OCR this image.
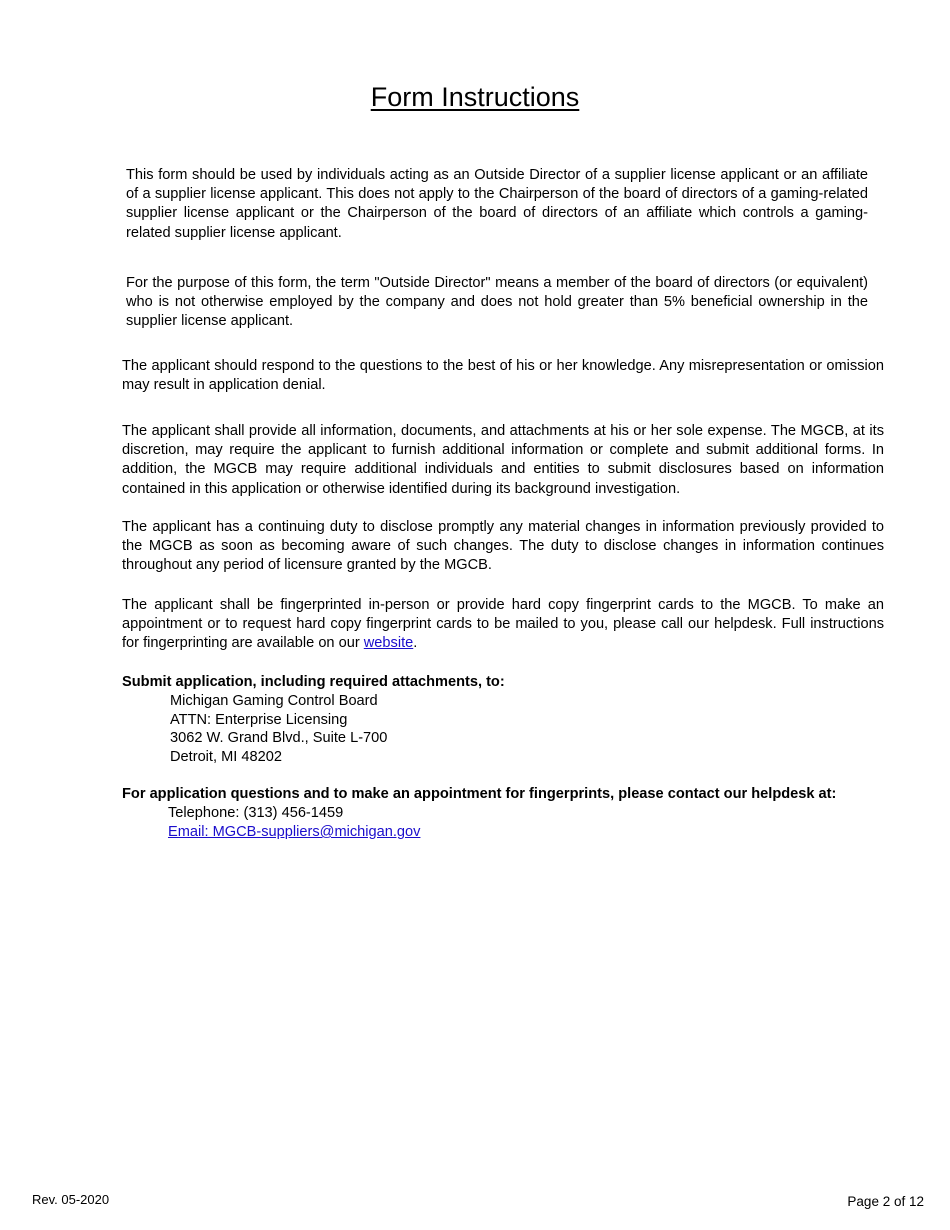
Form Instructions

This form should be used by individuals acting as an Outside Director of a supplier license applicant or an affiliate of a supplier license applicant. This does not apply to the Chairperson of the board of directors of a gaming-related supplier license applicant or the Chairperson of the board of directors of an affiliate which controls a gaming-related supplier license applicant.

For the purpose of this form, the term "Outside Director" means a member of the board of directors (or equivalent) who is not otherwise employed by the company and does not hold greater than 5% beneficial ownership in the supplier license applicant.

The applicant should respond to the questions to the best of his or her knowledge. Any misrepresentation or omission may result in application denial.

The applicant shall provide all information, documents, and attachments at his or her sole expense. The MGCB, at its discretion, may require the applicant to furnish additional information or complete and submit additional forms. In addition, the MGCB may require additional individuals and entities to submit disclosures based on information contained in this application or otherwise identified during its background investigation.

The applicant has a continuing duty to disclose promptly any material changes in information previously provided to the MGCB as soon as becoming aware of such changes. The duty to disclose changes in information continues throughout any period of licensure granted by the MGCB.

The applicant shall be fingerprinted in-person or provide hard copy fingerprint cards to the MGCB. To make an appointment or to request hard copy fingerprint cards to be mailed to you, please call our helpdesk. Full instructions for fingerprinting are available on our website.

Submit application, including required attachments, to:

Michigan Gaming Control Board

ATTN: Enterprise Licensing

3062 W. Grand Blvd., Suite L-700

Detroit, MI 48202

For application questions and to make an appointment for fingerprints, please contact our helpdesk at:

Telephone: (313) 456-1459

Email: MGCB-suppliers@michigan.gov

Rev. 05-2020	Page 2 of 12
